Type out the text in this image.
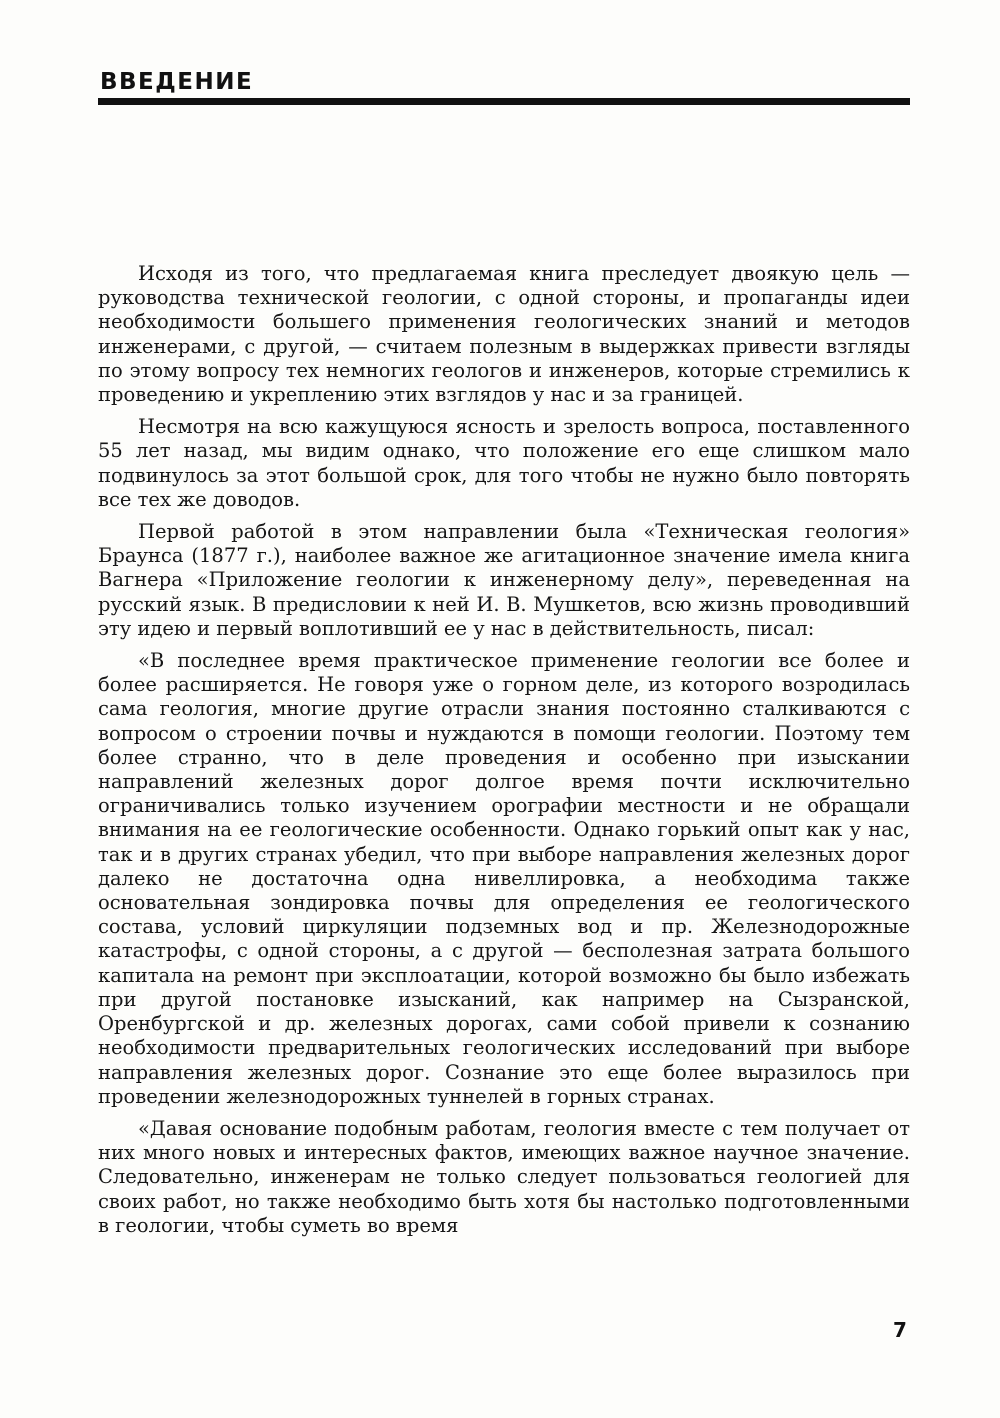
ВВЕДЕНИЕ

Исходя из того, что предлагаемая книга преследует двоякую цель — руководства технической геологии, с одной стороны, и пропаганды идеи необходимости большего применения геологических знаний и методов инженерами, с другой, — считаем полезным в выдержках привести взгляды по этому вопросу тех немногих геологов и инженеров, которые стремились к проведению и укреплению этих взглядов у нас и за границей.

Несмотря на всю кажущуюся ясность и зрелость вопроса, поставленного 55 лет назад, мы видим однако, что положение его еще слишком мало подвинулось за этот большой срок, для того чтобы не нужно было повторять все тех же доводов.

Первой работой в этом направлении была «Техническая геология» Браунса (1877 г.), наиболее важное же агитационное значение имела книга Вагнера «Приложение геологии к инженерному делу», переведенная на русский язык. В предисловии к ней И. В. Мушкетов, всю жизнь проводивший эту идею и первый воплотивший ее у нас в действительность, писал:

«В последнее время практическое применение геологии все более и более расширяется. Не говоря уже о горном деле, из которого возродилась сама геология, многие другие отрасли знания постоянно сталкиваются с вопросом о строении почвы и нуждаются в помощи геологии. Поэтому тем более странно, что в деле проведения и особенно при изыскании направлений железных дорог долгое время почти исключительно ограничивались только изучением орографии местности и не обращали внимания на ее геологические особенности. Однако горький опыт как у нас, так и в других странах убедил, что при выборе направления железных дорог далеко не достаточна одна нивеллировка, а необходима также основательная зондировка почвы для определения ее геологического состава, условий циркуляции подземных вод и пр. Железнодорожные катастрофы, с одной стороны, а с другой — бесполезная затрата большого капитала на ремонт при эксплоатации, которой возможно бы было избежать при другой постановке изысканий, как например на Сызранской, Оренбургской и др. железных дорогах, сами собой привели к сознанию необходимости предварительных геологических исследований при выборе направления железных дорог. Сознание это еще более выразилось при проведении железнодорожных туннелей в горных странах.

«Давая основание подобным работам, геология вместе с тем получает от них много новых и интересных фактов, имеющих важное научное значение. Следовательно, инженерам не только следует пользоваться геологией для своих работ, но также необходимо быть хотя бы настолько подготовленными в геологии, чтобы суметь во время

7
